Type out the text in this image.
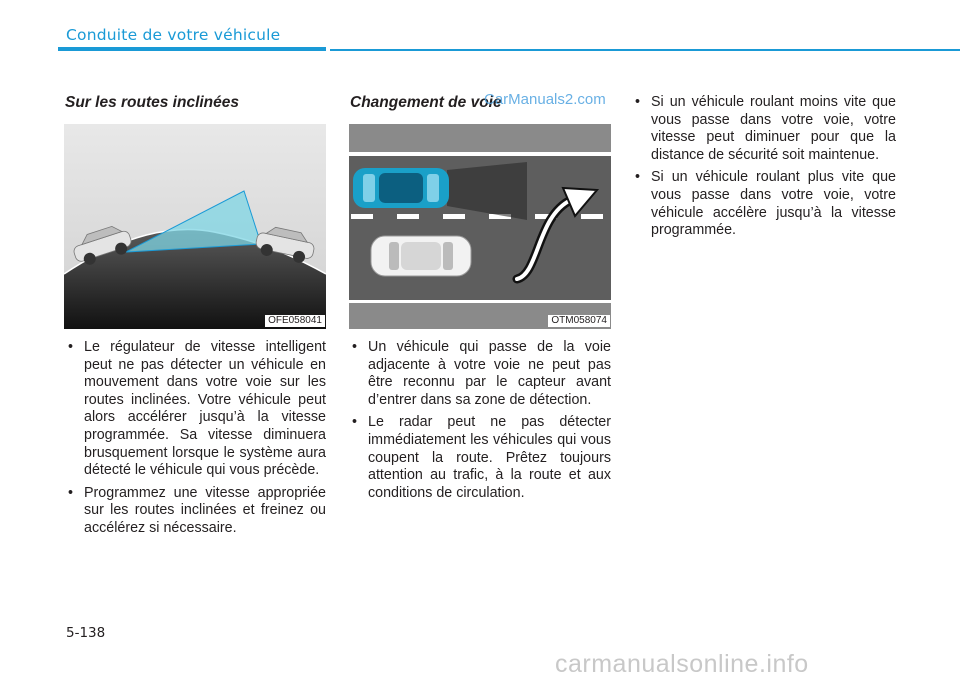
Conduite de votre véhicule
Sur les routes inclinées
OFE058041
• Le régulateur de vitesse intelligent peut ne pas détecter un véhicule en mouvement dans votre voie sur les routes inclinées. Votre véhicule peut alors accélérer jusqu’à la vitesse programmée. Sa vitesse diminuera brusquement lorsque le système aura détecté le véhicule qui vous précède.
• Programmez une vitesse appropriée sur les routes inclinées et freinez ou accélérez si nécessaire.
Changement de voie
CarManuals2.com
OTM058074
• Un véhicule qui passe de la voie adjacente à votre voie ne peut pas être reconnu par le capteur avant d’entrer dans sa zone de détection.
• Le radar peut ne pas détecter immédiatement les véhicules qui vous coupent la route. Prêtez toujours attention au trafic, à la route et aux conditions de circulation.
• Si un véhicule roulant moins vite que vous passe dans votre voie, votre vitesse peut diminuer pour que la distance de sécurité soit maintenue.
• Si un véhicule roulant plus vite que vous passe dans votre voie, votre véhicule accélère jusqu’à la vitesse programmée.
5-138
carmanualsonline.info
